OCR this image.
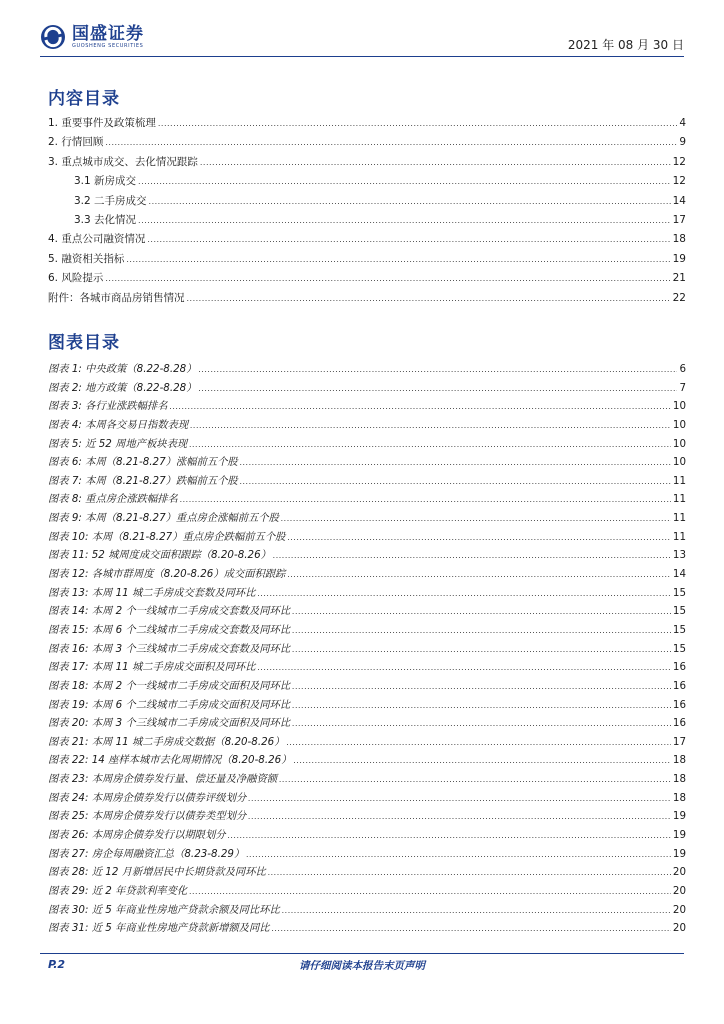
国盛证券
GUOSHENG SECURITIES	2021 年 08 月 30 日
内容目录
1. 重要事件及政策梳理 .....	4
2. 行情回顾 .....	9
3. 重点城市成交、去化情况跟踪 .....	12
3.1 新房成交 .....	12
3.2 二手房成交 .....	14
3.3 去化情况 .....	17
4. 重点公司融资情况 .....	18
5. 融资相关指标 .....	19
6. 风险提示 .....	21
附件：各城市商品房销售情况 .....	22
图表目录
图表 1: 中央政策（8.22-8.28） .....	6
图表 2: 地方政策（8.22-8.28） .....	7
图表 3: 各行业涨跌幅排名 .....	10
图表 4: 本周各交易日指数表现 .....	10
图表 5: 近 52 周地产板块表现 .....	10
图表 6: 本周（8.21-8.27）涨幅前五个股 .....	10
图表 7: 本周（8.21-8.27）跌幅前五个股 .....	11
图表 8: 重点房企涨跌幅排名 .....	11
图表 9: 本周（8.21-8.27）重点房企涨幅前五个股 .....	11
图表 10: 本周（8.21-8.27）重点房企跌幅前五个股 .....	11
图表 11: 52 城周度成交面积跟踪（8.20-8.26） .....	13
图表 12: 各城市群周度（8.20-8.26）成交面积跟踪 .....	14
图表 13: 本周 11 城二手房成交套数及同环比 .....	15
图表 14: 本周 2 个一线城市二手房成交套数及同环比 .....	15
图表 15: 本周 6 个二线城市二手房成交套数及同环比 .....	15
图表 16: 本周 3 个三线城市二手房成交套数及同环比 .....	15
图表 17: 本周 11 城二手房成交面积及同环比 .....	16
图表 18: 本周 2 个一线城市二手房成交面积及同环比 .....	16
图表 19: 本周 6 个二线城市二手房成交面积及同环比 .....	16
图表 20: 本周 3 个三线城市二手房成交面积及同环比 .....	16
图表 21: 本周 11 城二手房成交数据（8.20-8.26） .....	17
图表 22: 14 座样本城市去化周期情况（8.20-8.26） .....	18
图表 23: 本周房企债券发行量、偿还量及净融资额 .....	18
图表 24: 本周房企债券发行以债券评级划分 .....	18
图表 25: 本周房企债券发行以债券类型划分 .....	19
图表 26: 本周房企债券发行以期限划分 .....	19
图表 27: 房企每周融资汇总（8.23-8.29） .....	19
图表 28: 近 12 月新增居民中长期贷款及同环比 .....	20
图表 29: 近 2 年贷款利率变化 .....	20
图表 30: 近 5 年商业性房地产贷款余额及同比环比 .....	20
图表 31: 近 5 年商业性房地产贷款新增额及同比 .....	20
P.2	请仔细阅读本报告末页声明
